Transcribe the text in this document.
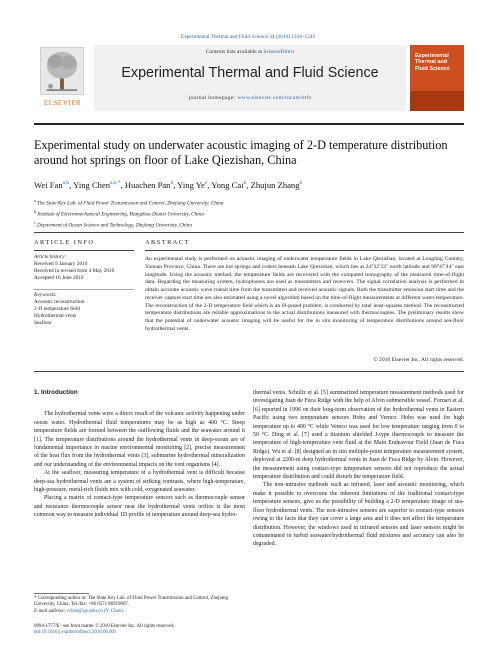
Experimental Thermal and Fluid Science 34 (2010) 1334–1345
ELSEVIER
Contents lists available at ScienceDirect
Experimental Thermal and Fluid Science
journal homepage: www.elsevier.com/locate/etfs
Experimental Thermal and Fluid Science
Experimental study on underwater acoustic imaging of 2-D temperature distribution around hot springs on floor of Lake Qiezishan, China
Wei Fan$^{a,b}$, Ying Chen$^{a,b,*}$, Huachen Pan$^b$, Ying Ye$^c$, Yong Cai$^b$, Zhujun Zhang$^b$
$^a$ The State Key Lab. of Fluid Power Transmission and Control, Zhejiang University, China
$^b$ Institute of Electromechanical Engineering, Hangzhou Dianzi University, China
$^c$ Department of Ocean Science and Technology, Zhejiang University, China
ARTICLE INFO	ABSTRACT
Article history:
Received 9 January 2010
Received in revised form 4 May 2010
Accepted 16 June 2010
Keywords:
Acoustic reconstruction
2-D temperature field
Hydrothermal vents
Seafloor
An experimental study is performed on acoustic imaging of underwater temperature fields in Lake Qiezishan, located at Longling Country, Yunnan Province, China. There are hot springs and craters beneath Lake Qiezishan, which lies at 24°32′33″ north latitude and 98°47′44″ east longitude. Using the acoustic method, the temperature fields are recovered with the computed tomography of the measured time-of-flight data. Regarding the measuring system, hydrophones are used as transmitters and receivers. The signal correlation analysis is performed to obtain accurate acoustic wave transit time from the transmitted and received acoustic signals. Both the transmitter emission start time and the receiver capture start time are also estimated using a novel algorithm based on the time-of-flight measurements at different water temperature. The reconstruction of the 2-D temperature field which is an ill-posed problem, is conducted by total least-squares method. The reconstructed temperature distributions are reliable approximations to the actual distributions measured with thermocouples. The preliminary results show that the potential of underwater acoustic imaging will be useful for the in situ monitoring of temperature distributions around sea-floor hydrothermal vents.
© 2010 Elsevier Inc. All rights reserved.
1. Introduction

The hydrothermal vents were a direct result of the volcanic activity happening under ocean water. Hydrothermal fluid temperatures may be as high as 400 °C. Steep temperature fields are formed between the outflowing fluids and the seawater around it [1]. The temperature distributions around the hydrothermal vents in deep-ocean are of fundamental importance in marine environmental monitoring [2], precise measurement of the heat flux from the hydrothermal vents [3], submarine hydrothermal mineralization and our understanding of the environmental impacts on the vent organisms [4].

At the seafloor, measuring temperature of a hydrothermal vent is difficult because deep-sea hydrothermal vents are a system of striking contrasts, where high-temperature, high-pressure, metal-rich fluids mix with cold, oxygenated seawater.

Placing a matrix of contact-type temperature sensors such as thermocouple sensor and resistance thermocouple sensor near the hydrothermal vents orifice is the most common way to measure individual 1D profile of temperature around deep-sea hydro-

thermal vents. Schultz et al. [5] summarized temperature measurement methods used for investigating Juan de Fuca Ridge with the help of Alvin submersible vessel. Fornari et al. [6] reported in 1996 on their long-term observation of the hydrothermal vents in Eastern Pacific using two temperature sensors Hobo and Vemco. Hobo was used for high temperature up to 400 °C while Vemco was used for low temperature ranging from 0 to 50 °C. Ding et al. [7] used a titanium shielded J-type thermocouple to measure the temperature of high-temperature vent fluid at the Main Endeavour Field (Juan de Fuca Ridge). Wu et al. [8] designed an in situ multiple-point temperature measurement system, deployed at 2200-m deep hydrothermal vents in Juan de Fuca Ridge by Alvin. However, the measurement using contact-type temperature sensors did not reproduce the actual temperature distribution and could disturb the temperature field.

The non-intrusive methods such as infrared, laser and acoustic monitoring, which make it possible to overcome the inherent limitations of the traditional contact-type temperature sensors, give us the possibility of building a 2-D temperature image of sea-floor hydrothermal vents. The non-intrusive sensors are superior to contact-type sensors owing to the facts that they can cover a large area and it does not affect the temperature distribution. However, the windows used in infrared sensors and laser sensors might be contaminated in turbid seawater/hydrothermal fluid mixtures and accuracy can also be degraded.

* Corresponding author at: The State Key Lab. of Fluid Power Transmission and Control, Zhejiang University, China. Tel./fax: +86 0571 86919007.
E-mail address: ychen@zju.edu.cn (Y. Chen).
0894-1777/$ - see front matter © 2010 Elsevier Inc. All rights reserved.
doi:10.1016/j.expthermflusci.2010.06.005
